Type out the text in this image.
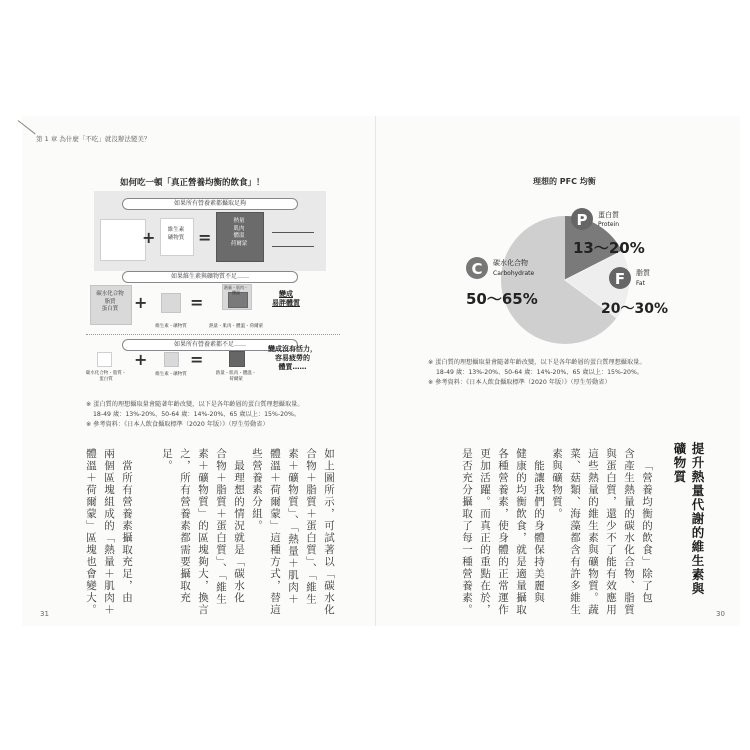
第 1 章 為什麼「不吃」就沒辦法變美？
如何吃一頓「真正營養均衡的飲食」！
如果所有營養素都攝取足夠
+	維生素
礦物質 =
熱量
肌肉
體溫
荷爾蒙
如果維生素與礦物質不足……
碳水化合物
脂質
蛋白質 +
維生素・礦物質
=
熱量・肌肉・
體溫
熱量・肌肉・體溫・荷爾蒙
變成
易胖體質
如果所有營養素都不足……
碳水化合物・脂質・
蛋白質
+
維生素・礦物質
=
熱量・肌肉・體溫・
荷爾蒙
變成沒有活力，
容易疲勞的
體質……
※ 蛋白質的理想攝取量會隨著年齡改變，以下是各年齡層的蛋白質理想攝取量。
18-49 歲：13%-20%、50-64 歲：14%-20%、65 歲以上：15%-20%。
※ 參考資料：《日本人飲食攝取標準（2020 年版）》（厚生勞動省）
如上圖所示，可試著以「碳水化
合物＋脂質＋蛋白質」、「維生
素＋礦物質」、「熱量＋肌肉＋
體溫＋荷爾蒙」這種方式，替這
些營養素分組。
最理想的情況就是「碳水化
合物＋脂質＋蛋白質」、「維生
素＋礦物質」的區塊夠大，換言
之，所有營養素都需要攝取充
足。
當所有營養素攝取充足，由
兩個區塊組成的「熱量＋肌肉＋
體溫＋荷爾蒙」區塊也會變大。
31
理想的 PFC 均衡
P 蛋白質
Protein
13～20%
F 脂質
Fat
20～30%
C 碳水化合物
Carbohydrate
50～65%
※ 蛋白質的理想攝取量會隨著年齡改變，以下是各年齡層的蛋白質理想攝取量。
18-49 歲：13%-20%、50-64 歲：14%-20%、65 歲以上：15%-20%。
※ 參考資料：《日本人飲食攝取標準（2020 年版）》（厚生勞動省）
提升熱量代謝的維生素與
礦物質
「營養均衡的飲食」除了包
含產生熱量的碳水化合物、脂質
與蛋白質，還少不了能有效應用
這些熱量的維生素與礦物質。蔬
菜、菇類、海藻都含有許多維生
素與礦物質。
能讓我們的身體保持美麗與
健康的均衡飲食，就是適量攝取
各種營養素，使身體的正常運作
更加活躍。而真正的重點在於，
是否充分攝取了每一種營養素。	30
